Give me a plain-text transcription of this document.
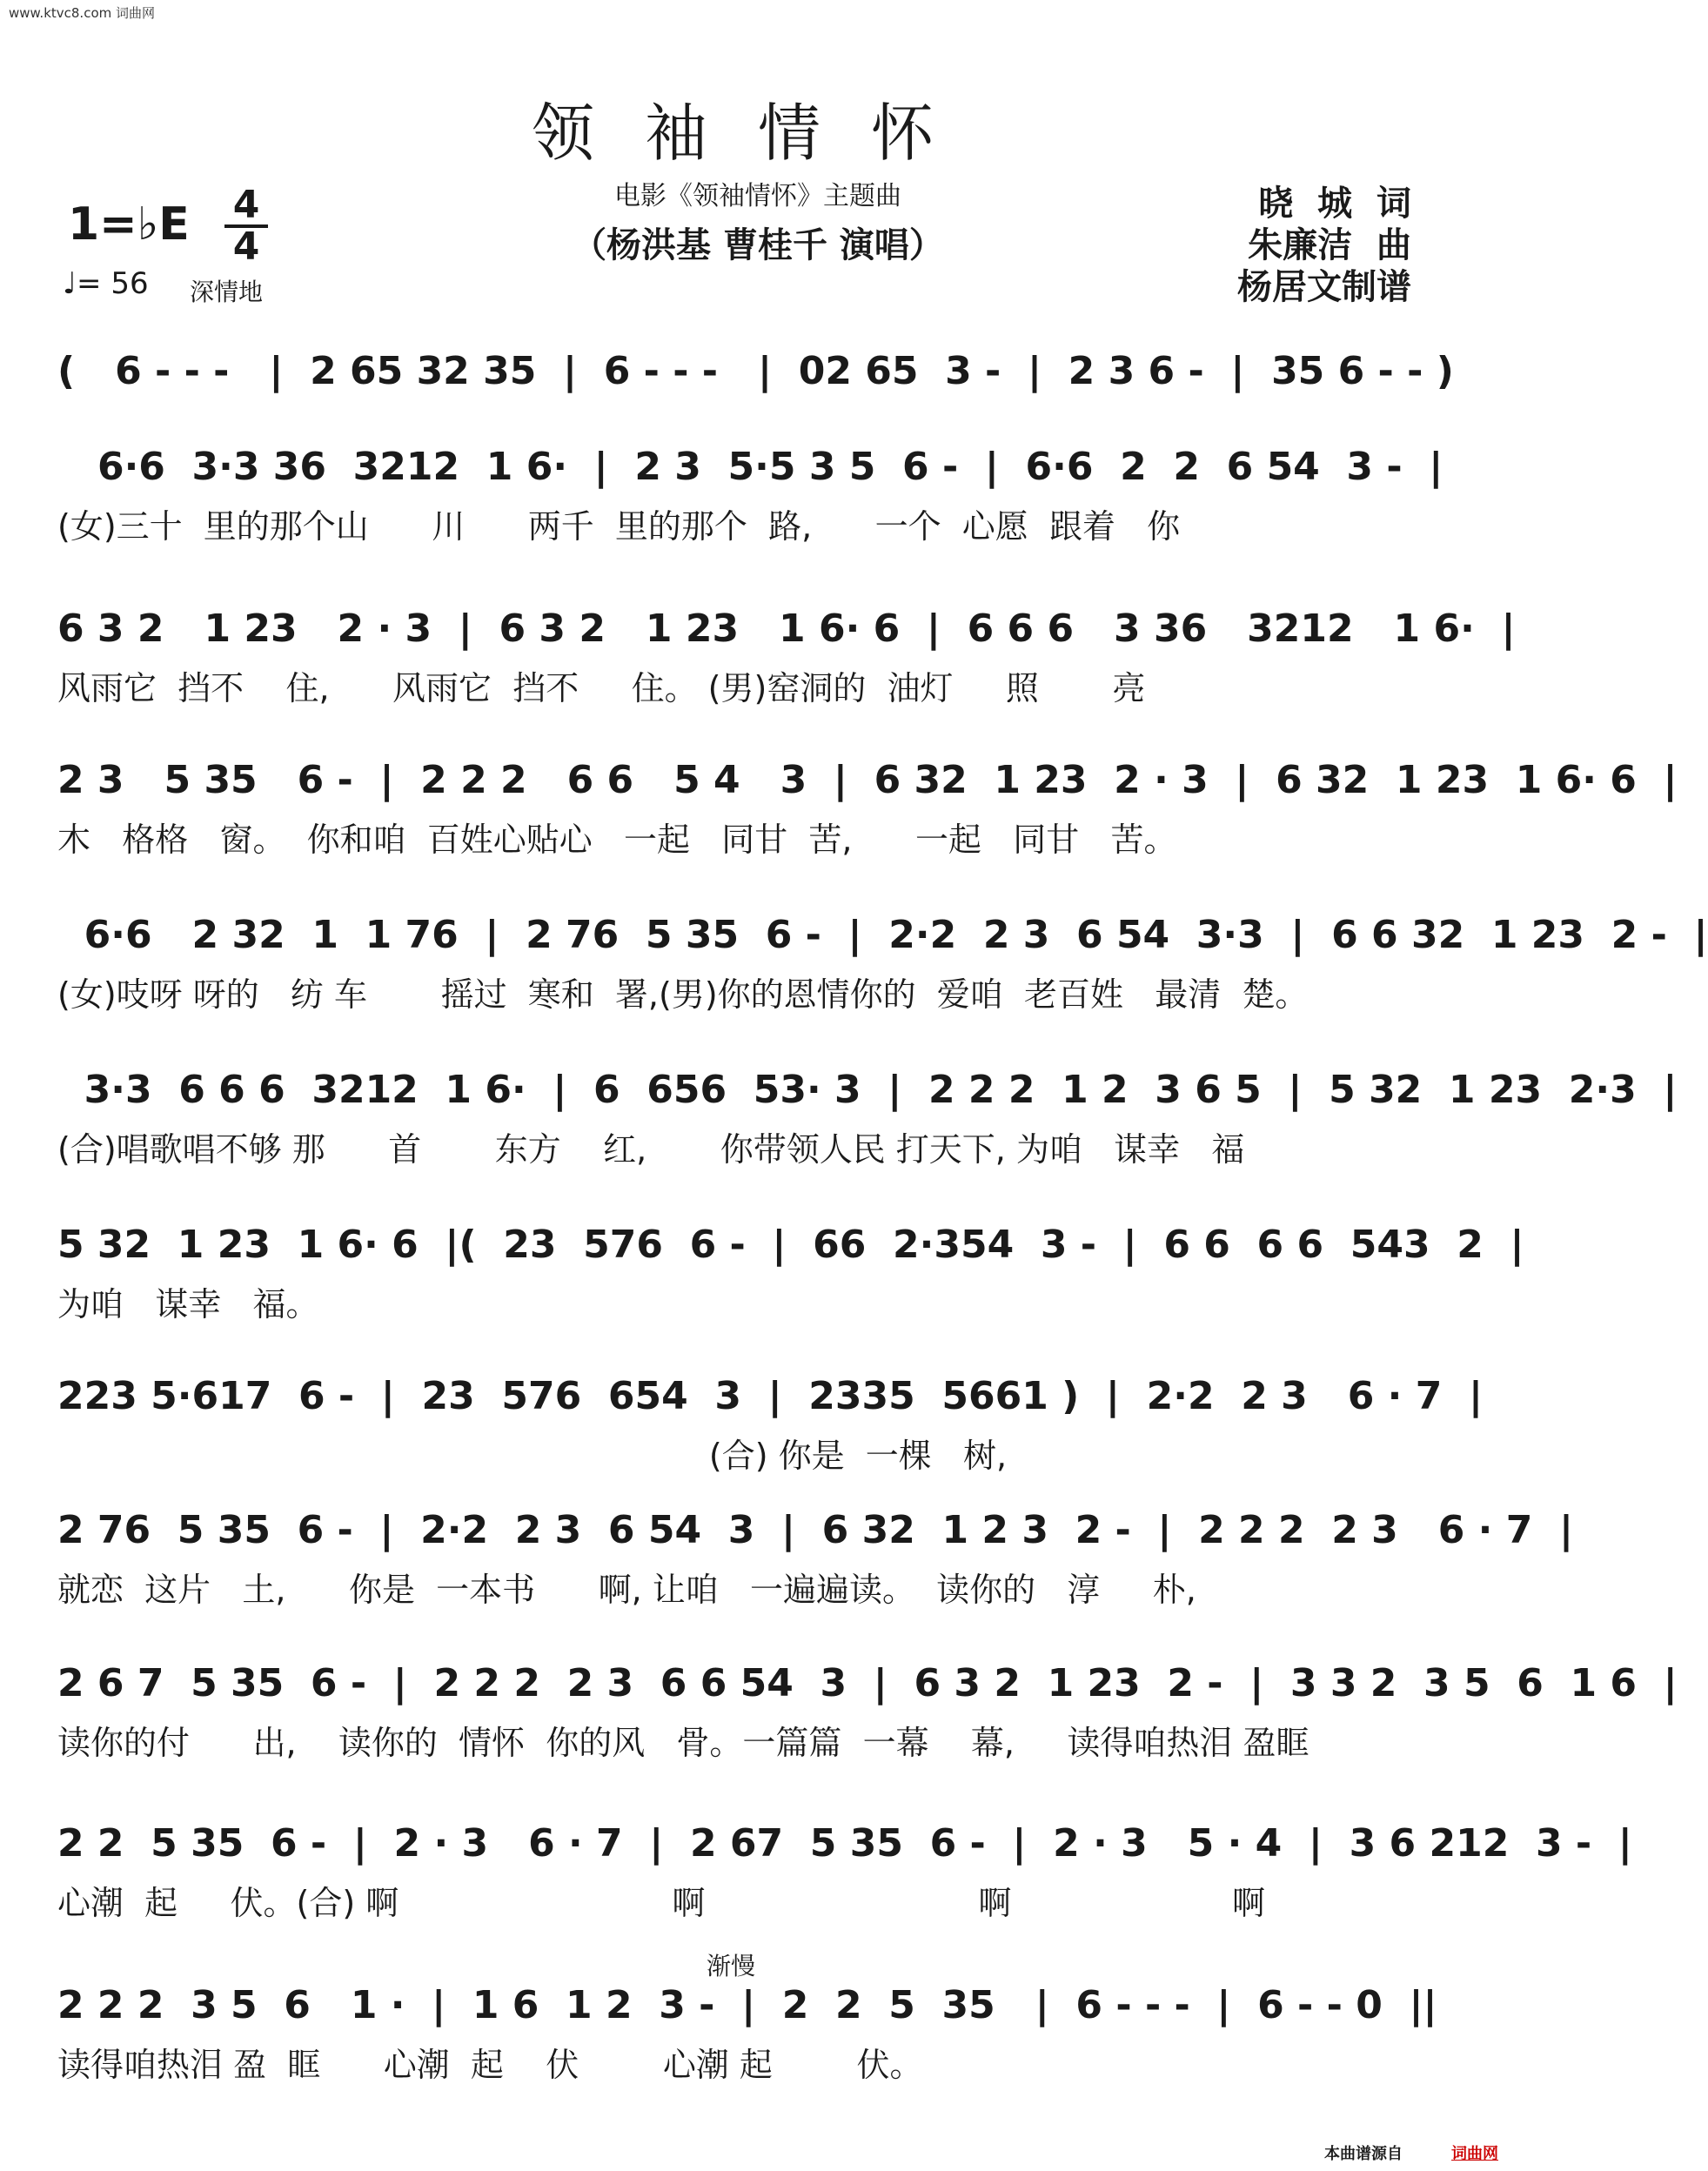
www.ktvc8.com 词曲网
领袖情怀
电影《领袖情怀》主题曲
（杨洪基 曹桂千 演唱）
1=♭E 4
4
♩= 56 深情地
晓  城  词
朱廉洁  曲
杨居文制谱
(   6 - - -   |  2 65 32 35  |  6 - - -   |  02 65  3 -  |  2 3 6 -  |  35 6 - - )
6·6  3·3 36  3212  1 6·  |  2 3  5·5 3 5  6 -  |  6·6  2  2  6 54  3 -  |
(女)三十  里的那个山      川      两千  里的那个  路,      一个  心愿  跟着   你
6 3 2   1 23   2 · 3  |  6 3 2   1 23   1 6· 6  |  6 6 6   3 36   3212   1 6·  |
风雨它  挡不    住,      风雨它  挡不     住。 (男)窑洞的  油灯     照       亮
2 3   5 35   6 -  |  2 2 2   6 6   5 4   3  |  6 32  1 23  2 · 3  |  6 32  1 23  1 6· 6  |
木   格格   窗。  你和咱  百姓心贴心   一起   同甘  苦,      一起   同甘   苦。
6·6   2 32  1  1 76  |  2 76  5 35  6 -  |  2·2  2 3  6 54  3·3  |  6 6 32  1 23  2 -  |
(女)吱呀 呀的   纺 车       摇过  寒和  署,(男)你的恩情你的  爱咱  老百姓   最清  楚。
3·3  6 6 6  3212  1 6·  |  6  656  53· 3  |  2 2 2  1 2  3 6 5  |  5 32  1 23  2·3  |
(合)唱歌唱不够 那      首       东方    红,       你带领人民 打天下, 为咱   谋幸   福
5 32  1 23  1 6· 6  |(  23  576  6 -  |  66  2·354  3 -  |  6 6  6 6  543  2  |
为咱   谋幸   福。
223 5·617  6 -  |  23  576  654  3  |  2335  5661 )  |  2·2  2 3   6 · 7  |
(合) 你是  一棵   树,
2 76  5 35  6 -  |  2·2  2 3  6 54  3  |  6 32  1 2 3  2 -  |  2 2 2  2 3   6 · 7  |
就恋  这片   土,      你是  一本书      啊, 让咱   一遍遍读。  读你的   淳     朴,
2 6 7  5 35  6 -  |  2 2 2  2 3  6 6 54  3  |  6 3 2  1 23  2 -  |  3 3 2  3 5  6  1 6  |
读你的付      出,    读你的  情怀  你的风   骨。一篇篇  一幕    幕,     读得咱热泪 盈眶
2 2  5 35  6 -  |  2 · 3   6 · 7  |  2 67  5 35  6 -  |  2 · 3   5 · 4  |  3 6 212  3 -  |
心潮  起     伏。(合) 啊                          啊                          啊                     啊
渐慢
2 2 2  3 5  6   1 ·  |  1 6  1 2  3 -  |  2  2  5  35   |  6 - - -  |  6 - - 0  ||
读得咱热泪 盈  眶      心潮  起    伏        心潮 起        伏。
本曲谱源自	词曲网
